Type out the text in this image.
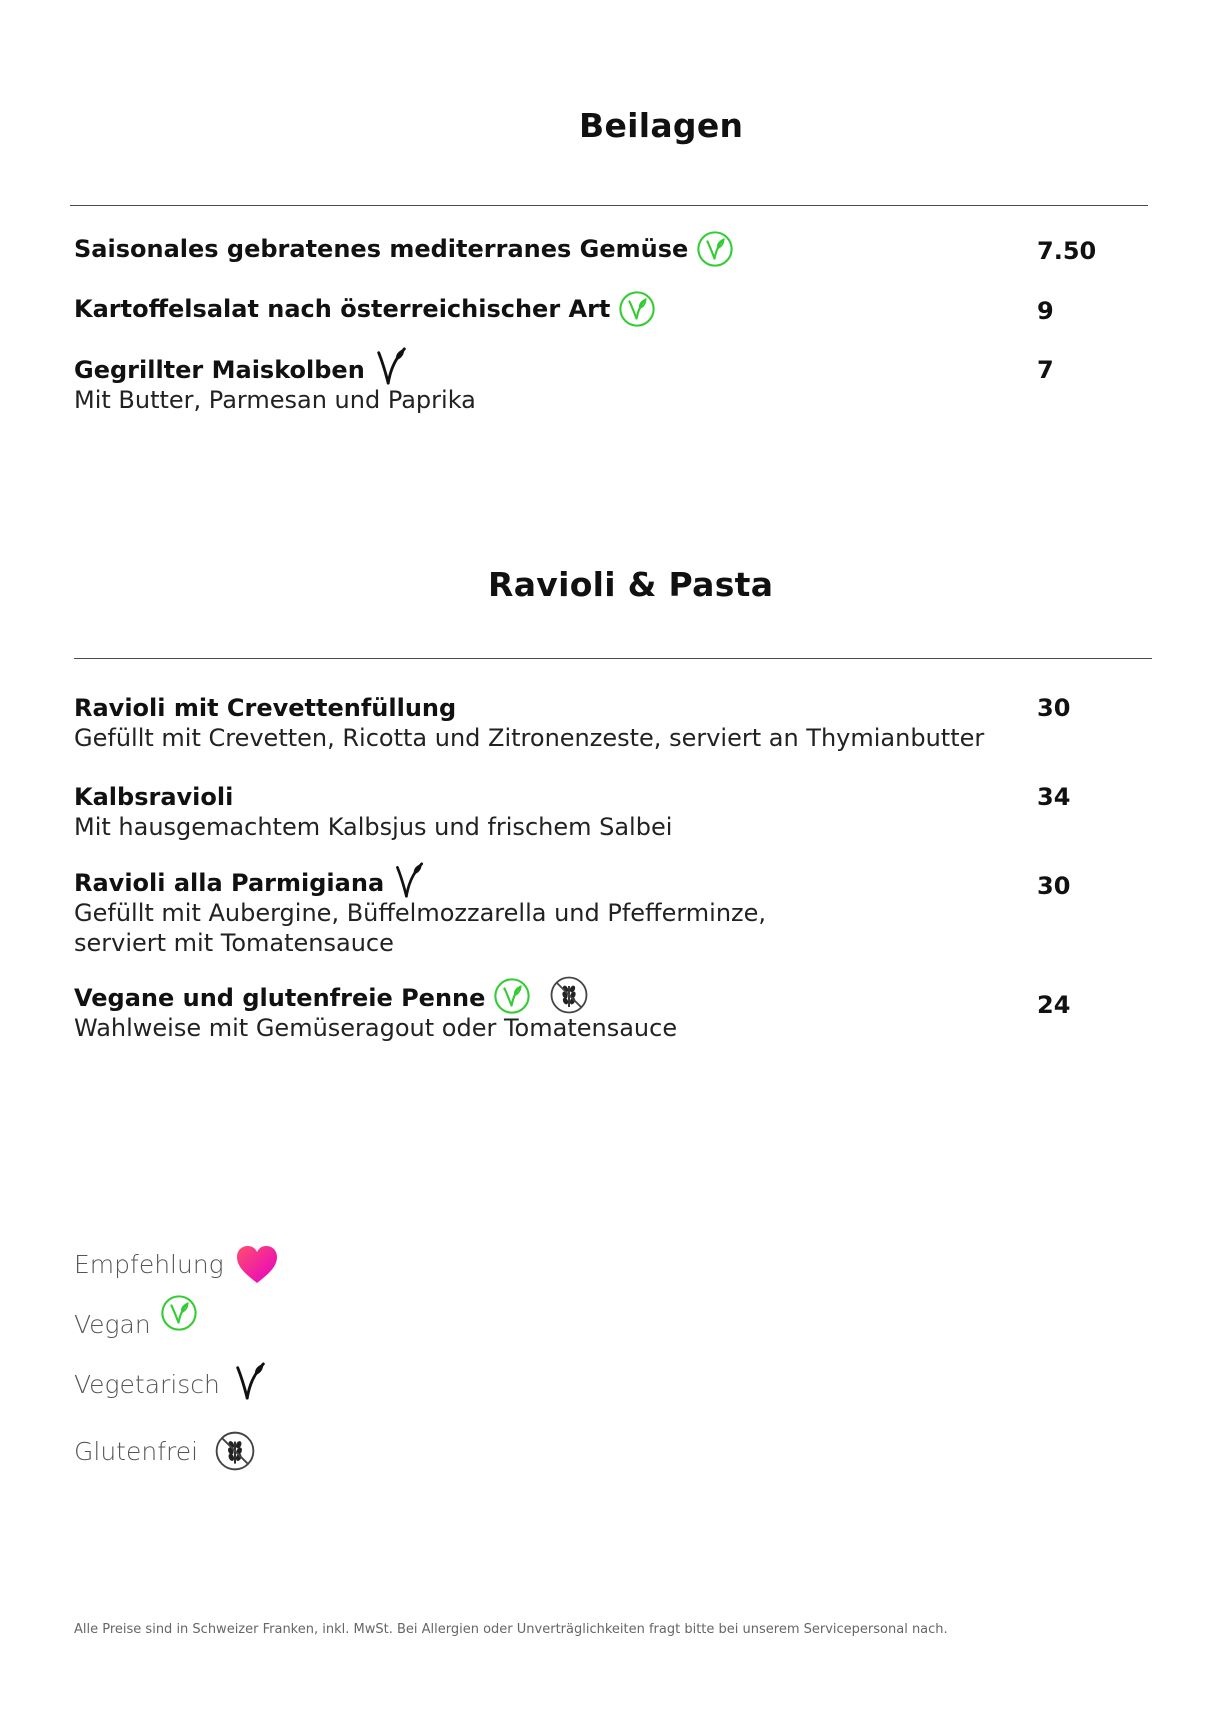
Beilagen
Saisonales gebratenes mediterranes Gemüse	7.50
Kartoffelsalat nach österreichischer Art	9
Gegrillter Maiskolben
Mit Butter, Parmesan und Paprika
7
Ravioli & Pasta
Ravioli mit Crevettenfüllung
Gefüllt mit Crevetten, Ricotta und Zitronenzeste, serviert an Thymianbutter
30
Kalbsravioli
Mit hausgemachtem Kalbsjus und frischem Salbei
34
Ravioli alla Parmigiana
Gefüllt mit Aubergine, Büffelmozzarella und Pfefferminze,
serviert mit Tomatensauce
30
Vegane und glutenfreie Penne
Wahlweise mit Gemüseragout oder Tomatensauce
24
Empfehlung
Vegan
Vegetarisch
Glutenfrei
Alle Preise sind in Schweizer Franken, inkl. MwSt. Bei Allergien oder Unverträglichkeiten fragt bitte bei unserem Servicepersonal nach.
